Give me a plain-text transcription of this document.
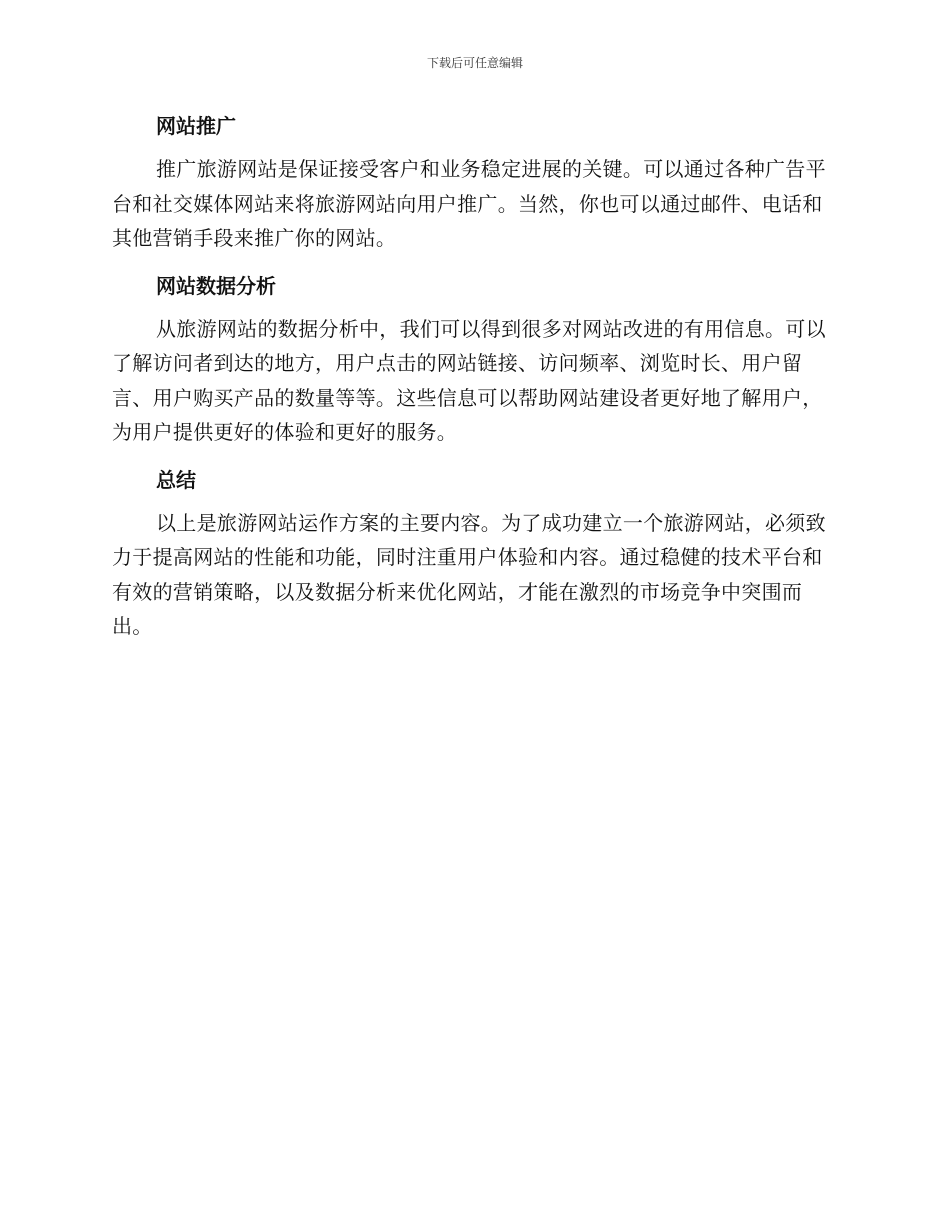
下载后可任意编辑
网站推广

推广旅游网站是保证接受客户和业务稳定进展的关键。可以通过各种广告平台和社交媒体网站来将旅游网站向用户推广。当然，你也可以通过邮件、电话和其他营销手段来推广你的网站。

网站数据分析

从旅游网站的数据分析中，我们可以得到很多对网站改进的有用信息。可以了解访问者到达的地方，用户点击的网站链接、访问频率、浏览时长、用户留言、用户购买产品的数量等等。这些信息可以帮助网站建设者更好地了解用户，为用户提供更好的体验和更好的服务。

总结

以上是旅游网站运作方案的主要内容。为了成功建立一个旅游网站，必须致力于提高网站的性能和功能，同时注重用户体验和内容。通过稳健的技术平台和有效的营销策略，以及数据分析来优化网站，才能在激烈的市场竞争中突围而出。
